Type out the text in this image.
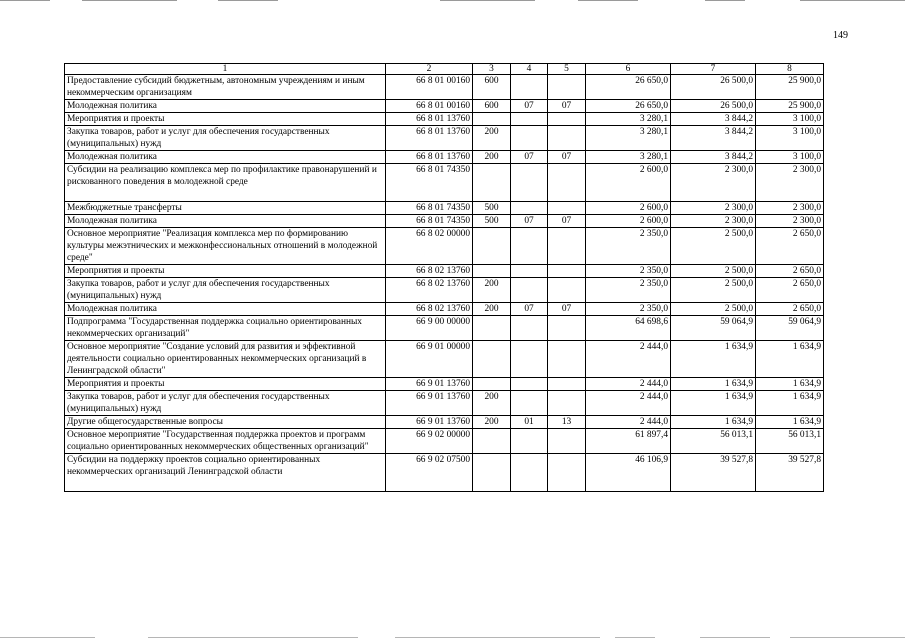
149
1	2	3	4	5	6	7	8
Предоставление субсидий бюджетным, автономным учреждениям и иным некоммерческим организациям	66 8 01 00160	600			26 650,0	26 500,0	25 900,0
Молодежная политика	66 8 01 00160	600	07	07	26 650,0	26 500,0	25 900,0
Мероприятия и проекты	66 8 01 13760				3 280,1	3 844,2	3 100,0
Закупка товаров, работ и услуг для обеспечения государственных (муниципальных) нужд	66 8 01 13760	200			3 280,1	3 844,2	3 100,0
Молодежная политика	66 8 01 13760	200	07	07	3 280,1	3 844,2	3 100,0
Субсидии на реализацию комплекса мер по профилактике правонарушений и рискованного поведения в молодежной среде	66 8 01 74350				2 600,0	2 300,0	2 300,0
Межбюджетные трансферты	66 8 01 74350	500			2 600,0	2 300,0	2 300,0
Молодежная политика	66 8 01 74350	500	07	07	2 600,0	2 300,0	2 300,0
Основное мероприятие "Реализация комплекса мер по формированию культуры межэтнических и межконфессиональных отношений в молодежной среде"	66 8 02 00000				2 350,0	2 500,0	2 650,0
Мероприятия и проекты	66 8 02 13760				2 350,0	2 500,0	2 650,0
Закупка товаров, работ и услуг для обеспечения государственных (муниципальных) нужд	66 8 02 13760	200			2 350,0	2 500,0	2 650,0
Молодежная политика	66 8 02 13760	200	07	07	2 350,0	2 500,0	2 650,0
Подпрограмма "Государственная поддержка социально ориентированных некоммерческих организаций"	66 9 00 00000				64 698,6	59 064,9	59 064,9
Основное мероприятие "Создание условий для развития и эффективной деятельности социально ориентированных некоммерческих организаций в Ленинградской области"	66 9 01 00000				2 444,0	1 634,9	1 634,9
Мероприятия и проекты	66 9 01 13760				2 444,0	1 634,9	1 634,9
Закупка товаров, работ и услуг для обеспечения государственных (муниципальных) нужд	66 9 01 13760	200			2 444,0	1 634,9	1 634,9
Другие общегосударственные вопросы	66 9 01 13760	200	01	13	2 444,0	1 634,9	1 634,9
Основное мероприятие "Государственная поддержка проектов и программ социально ориентированных некоммерческих общественных организаций"	66 9 02 00000				61 897,4	56 013,1	56 013,1
Субсидии на поддержку проектов социально ориентированных некоммерческих организаций Ленинградской области	66 9 02 07500				46 106,9	39 527,8	39 527,8
